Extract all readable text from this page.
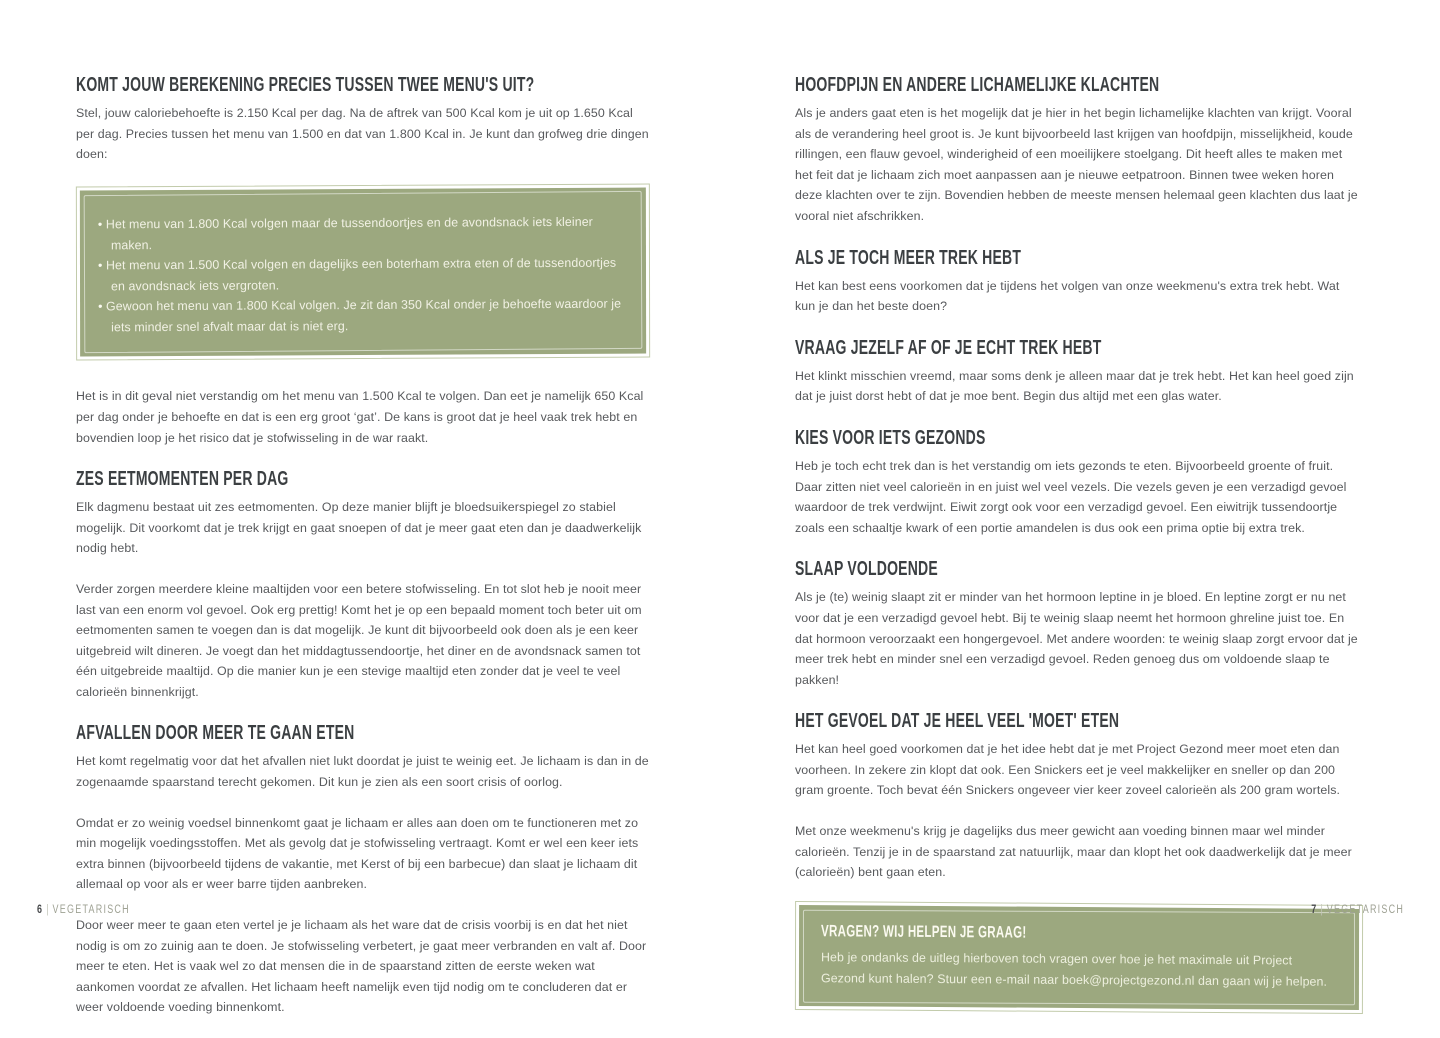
KOMT JOUW BEREKENING PRECIES TUSSEN TWEE MENU'S UIT?

Stel, jouw caloriebehoefte is 2.150 Kcal per dag. Na de aftrek van 500 Kcal kom je uit op 1.650 Kcal per dag. Precies tussen het menu van 1.500 en dat van 1.800 Kcal in. Je kunt dan grofweg drie dingen doen:

• Het menu van 1.800 Kcal volgen maar de tussendoortjes en de avondsnack iets kleiner maken.
• Het menu van 1.500 Kcal volgen en dagelijks een boterham extra eten of de tussendoortjes en avondsnack iets vergroten.
• Gewoon het menu van 1.800 Kcal volgen. Je zit dan 350 Kcal onder je behoefte waardoor je iets minder snel afvalt maar dat is niet erg.

Het is in dit geval niet verstandig om het menu van 1.500 Kcal te volgen. Dan eet je namelijk 650 Kcal per dag onder je behoefte en dat is een erg groot ‘gat’. De kans is groot dat je heel vaak trek hebt en bovendien loop je het risico dat je stofwisseling in de war raakt.

ZES EETMOMENTEN PER DAG

Elk dagmenu bestaat uit zes eetmomenten. Op deze manier blijft je bloedsuikerspiegel zo stabiel mogelijk. Dit voorkomt dat je trek krijgt en gaat snoepen of dat je meer gaat eten dan je daadwerkelijk nodig hebt.

Verder zorgen meerdere kleine maaltijden voor een betere stofwisseling. En tot slot heb je nooit meer last van een enorm vol gevoel. Ook erg prettig! Komt het je op een bepaald moment toch beter uit om eetmomenten samen te voegen dan is dat mogelijk. Je kunt dit bijvoorbeeld ook doen als je een keer uitgebreid wilt dineren. Je voegt dan het middagtussendoortje, het diner en de avondsnack samen tot één uitgebreide maaltijd. Op die manier kun je een stevige maaltijd eten zonder dat je veel te veel calorieën binnenkrijgt.

AFVALLEN DOOR MEER TE GAAN ETEN

Het komt regelmatig voor dat het afvallen niet lukt doordat je juist te weinig eet. Je lichaam is dan in de zogenaamde spaarstand terecht gekomen. Dit kun je zien als een soort crisis of oorlog.

Omdat er zo weinig voedsel binnenkomt gaat je lichaam er alles aan doen om te functioneren met zo min mogelijk voedingsstoffen. Met als gevolg dat je stofwisseling vertraagt. Komt er wel een keer iets extra binnen (bijvoorbeeld tijdens de vakantie, met Kerst of bij een barbecue) dan slaat je lichaam dit allemaal op voor als er weer barre tijden aanbreken.

Door weer meer te gaan eten vertel je je lichaam als het ware dat de crisis voorbij is en dat het niet nodig is om zo zuinig aan te doen. Je stofwisseling verbetert, je gaat meer verbranden en valt af. Door meer te eten. Het is vaak wel zo dat mensen die in de spaarstand zitten de eerste weken wat aankomen voordat ze afvallen. Het lichaam heeft namelijk even tijd nodig om te concluderen dat er weer voldoende voeding binnenkomt.

6 | VEGETARISCH
HOOFDPIJN EN ANDERE LICHAMELIJKE KLACHTEN

Als je anders gaat eten is het mogelijk dat je hier in het begin lichamelijke klachten van krijgt. Vooral als de verandering heel groot is. Je kunt bijvoorbeeld last krijgen van hoofdpijn, misselijkheid, koude rillingen, een flauw gevoel, winderigheid of een moeilijkere stoelgang. Dit heeft alles te maken met het feit dat je lichaam zich moet aanpassen aan je nieuwe eetpatroon. Binnen twee weken horen deze klachten over te zijn. Bovendien hebben de meeste mensen helemaal geen klachten dus laat je vooral niet afschrikken.

ALS JE TOCH MEER TREK HEBT

Het kan best eens voorkomen dat je tijdens het volgen van onze weekmenu's extra trek hebt. Wat kun je dan het beste doen?

VRAAG JEZELF AF OF JE ECHT TREK HEBT

Het klinkt misschien vreemd, maar soms denk je alleen maar dat je trek hebt. Het kan heel goed zijn dat je juist dorst hebt of dat je moe bent. Begin dus altijd met een glas water.

KIES VOOR IETS GEZONDS

Heb je toch echt trek dan is het verstandig om iets gezonds te eten. Bijvoorbeeld groente of fruit. Daar zitten niet veel calorieën in en juist wel veel vezels. Die vezels geven je een verzadigd gevoel waardoor de trek verdwijnt. Eiwit zorgt ook voor een verzadigd gevoel. Een eiwitrijk tussendoortje zoals een schaaltje kwark of een portie amandelen is dus ook een prima optie bij extra trek.

SLAAP VOLDOENDE

Als je (te) weinig slaapt zit er minder van het hormoon leptine in je bloed. En leptine zorgt er nu net voor dat je een verzadigd gevoel hebt. Bij te weinig slaap neemt het hormoon ghreline juist toe. En dat hormoon veroorzaakt een hongergevoel. Met andere woorden: te weinig slaap zorgt ervoor dat je meer trek hebt en minder snel een verzadigd gevoel. Reden genoeg dus om voldoende slaap te pakken!

HET GEVOEL DAT JE HEEL VEEL 'MOET' ETEN

Het kan heel goed voorkomen dat je het idee hebt dat je met Project Gezond meer moet eten dan voorheen. In zekere zin klopt dat ook. Een Snickers eet je veel makkelijker en sneller op dan 200 gram groente. Toch bevat één Snickers ongeveer vier keer zoveel calorieën als 200 gram wortels.

Met onze weekmenu's krijg je dagelijks dus meer gewicht aan voeding binnen maar wel minder calorieën. Tenzij je in de spaarstand zat natuurlijk, maar dan klopt het ook daadwerkelijk dat je meer (calorieën) bent gaan eten.

VRAGEN? WIJ HELPEN JE GRAAG!

Heb je ondanks de uitleg hierboven toch vragen over hoe je het maximale uit Project Gezond kunt halen? Stuur een e-mail naar boek@projectgezond.nl dan gaan wij je helpen.

7 | VEGETARISCH
